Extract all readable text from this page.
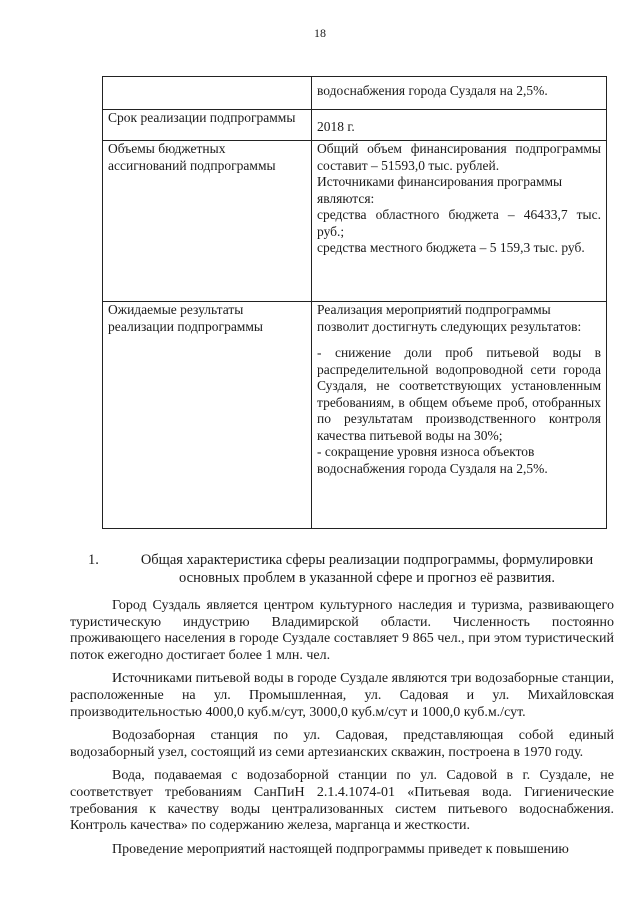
18

	водоснабжения города Суздаля на 2,5%.

Срок реализации подпрограммы	2018 г.

Объемы бюджетных ассигнований подпрограммы	Общий объем финансирования подпрограммы составит – 51593,0 тыс. рублей.

Источниками финансирования программы являются:

средства областного бюджета – 46433,7 тыс. руб.;

средства местного бюджета – 5 159,3 тыс. руб.

Ожидаемые результаты реализации подпрограммы	Реализация мероприятий подпрограммы позволит достигнуть следующих результатов:

- снижение доли проб питьевой воды в распределительной водопроводной сети города Суздаля, не соответствующих установленным требованиям, в общем объеме проб, отобранных по результатам производственного контроля качества питьевой воды на 30%;

- сокращение уровня износа объектов водоснабжения города Суздаля на 2,5%.

1.	Общая характеристика сферы реализации подпрограммы, формулировки основных проблем в указанной сфере и прогноз её развития.

Город Суздаль является центром культурного наследия и туризма, развивающего туристическую индустрию Владимирской области. Численность постоянно проживающего населения в городе Суздале составляет 9 865 чел., при этом туристический поток ежегодно достигает более 1 млн. чел.

Источниками питьевой воды в городе Суздале являются три водозаборные станции, расположенные на ул. Промышленная, ул. Садовая и ул. Михайловская производительностью 4000,0 куб.м/сут, 3000,0 куб.м/сут и 1000,0 куб.м./сут.

Водозаборная станция по ул. Садовая, представляющая собой единый водозаборный узел, состоящий из семи артезианских скважин, построена в 1970 году.

Вода, подаваемая с водозаборной станции по ул. Садовой в г. Суздале, не соответствует требованиям СанПиН 2.1.4.1074-01 «Питьевая вода. Гигиенические требования к качеству воды централизованных систем питьевого водоснабжения. Контроль качества» по содержанию железа, марганца и жесткости.

Проведение мероприятий настоящей подпрограммы приведет к повышению
